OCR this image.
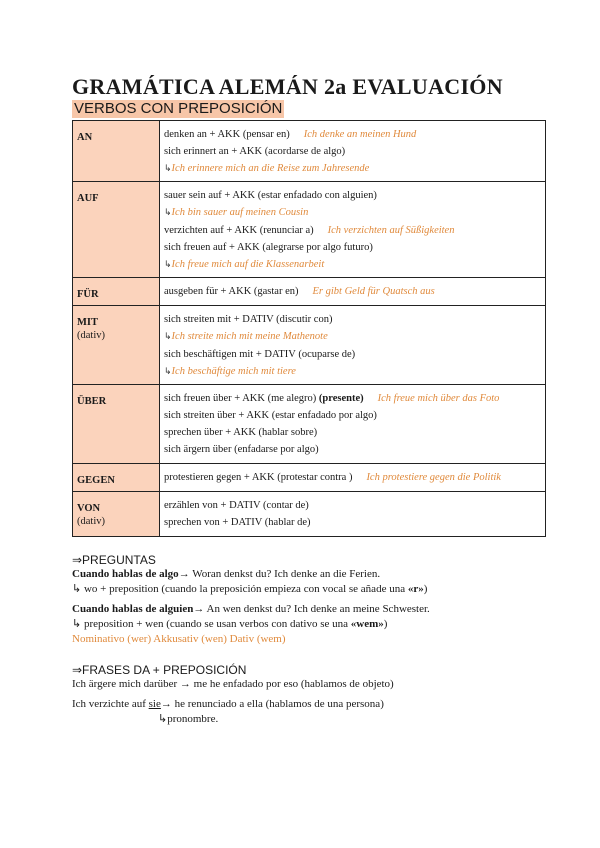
GRAMÁTICA ALEMÁN 2a EVALUACIÓN
VERBOS CON PREPOSICIÓN
AN	denken an + AKK (pensar en) Ich denke an meinen Hund
sich erinnert an + AKK (acordarse de algo)
↳Ich erinnere mich an die Reise zum Jahresende

AUF	sauer sein auf + AKK (estar enfadado con alguien)
↳Ich bin sauer auf meinen Cousin
verzichten auf + AKK (renunciar a) Ich verzichten auf Süßigkeiten
sich freuen auf + AKK (alegrarse por algo futuro)
↳Ich freue mich auf die Klassenarbeit

FÜR	ausgeben für + AKK (gastar en) Er gibt Geld für Quatsch aus

MIT
(dativ)	sich streiten mit + DATIV (discutir con)
↳Ich streite mich mit meine Mathenote
sich beschäftigen mit + DATIV (ocuparse de)
↳Ich beschäftige mich mit tiere

ÜBER	sich freuen über + AKK (me alegro) (presente) Ich freue mich über das Foto
sich streiten über + AKK (estar enfadado por algo)
sprechen über + AKK (hablar sobre)
sich ärgern über (enfadarse por algo)

GEGEN	protestieren gegen + AKK (protestar contra ) Ich protestiere gegen die Politik

VON
(dativ)	erzählen von + DATIV (contar de)
sprechen von + DATIV (hablar de)
⇒PREGUNTAS
Cuando hablas de algo→ Woran denkst du? Ich denke an die Ferien.
↳ wo + preposition (cuando la preposición empieza con vocal se añade una «r»)
Cuando hablas de alguien→ An wen denkst du? Ich denke an meine Schwester.
↳ preposition + wen (cuando se usan verbos con dativo se una «wem»)
Nominativo (wer) Akkusativ (wen) Dativ (wem)
⇒FRASES DA + PREPOSICIÓN
Ich ärgere mich darüber → me he enfadado por eso (hablamos de objeto)
Ich verzichte auf sie→ he renunciado a ella (hablamos de una persona)
↳pronombre.
